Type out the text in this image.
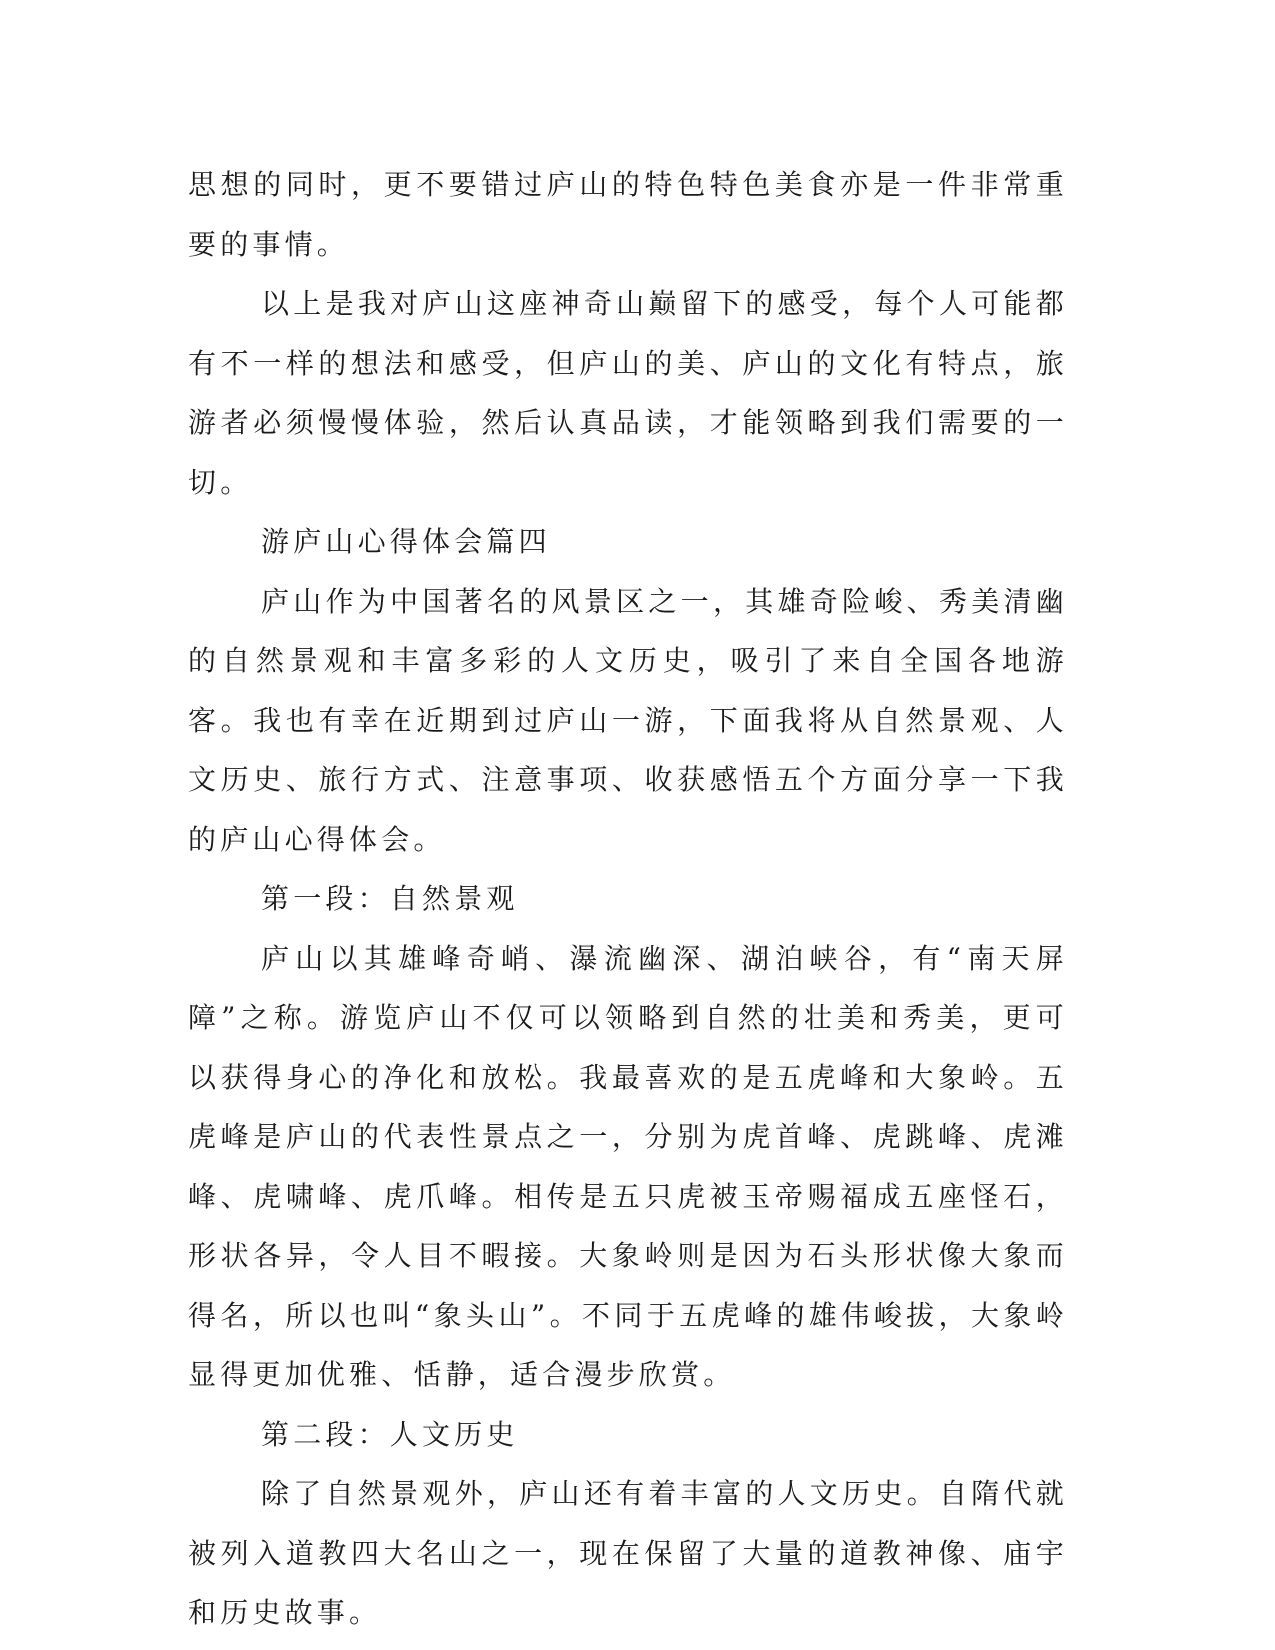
思想的同时，更不要错过庐山的特色特色美食亦是一件非常重要的事情。

以上是我对庐山这座神奇山巅留下的感受，每个人可能都有不一样的想法和感受，但庐山的美、庐山的文化有特点，旅游者必须慢慢体验，然后认真品读，才能领略到我们需要的一切。

游庐山心得体会篇四

庐山作为中国著名的风景区之一，其雄奇险峻、秀美清幽的自然景观和丰富多彩的人文历史，吸引了来自全国各地游客。我也有幸在近期到过庐山一游，下面我将从自然景观、人文历史、旅行方式、注意事项、收获感悟五个方面分享一下我的庐山心得体会。

第一段：自然景观

庐山以其雄峰奇峭、瀑流幽深、湖泊峡谷，有“南天屏障”之称。游览庐山不仅可以领略到自然的壮美和秀美，更可以获得身心的净化和放松。我最喜欢的是五虎峰和大象岭。五虎峰是庐山的代表性景点之一，分别为虎首峰、虎跳峰、虎滩峰、虎啸峰、虎爪峰。相传是五只虎被玉帝赐福成五座怪石，形状各异，令人目不暇接。大象岭则是因为石头形状像大象而得名，所以也叫“象头山”。不同于五虎峰的雄伟峻拔，大象岭显得更加优雅、恬静，适合漫步欣赏。

第二段：人文历史

除了自然景观外，庐山还有着丰富的人文历史。自隋代就被列入道教四大名山之一，现在保留了大量的道教神像、庙宇和历史故事。
